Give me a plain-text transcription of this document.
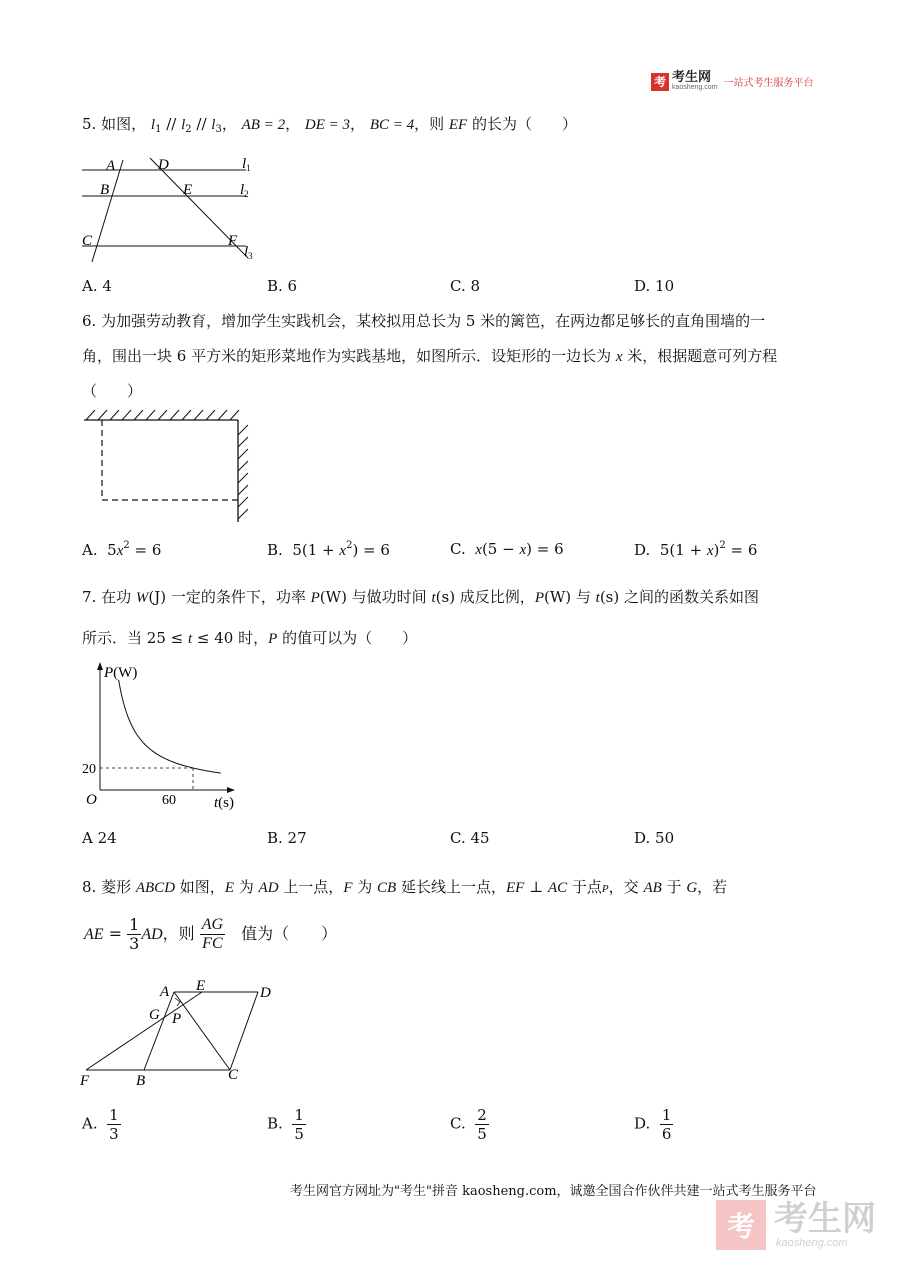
考 考生网
kaosheng.com 一站式考生服务平台
5. 如图， $l_1 // l_2 // l_3$， AB = 2， DE = 3， BC = 4，则 EF 的长为（　　）
A	D
B	E
C	F
$l_1$
$l_2$
$l_3$
A. 4	B. 6	C. 8	D. 10
6. 为加强劳动教育，增加学生实践机会，某校拟用总长为 5 米的篱笆，在两边都足够长的直角围墙的一
角，围出一块 6 平方米的矩形菜地作为实践基地，如图所示．设矩形的一边长为 x 米，根据题意可列方程
（　　）
A. $5x^2 = 6$	B. $5(1 + x^2) = 6$	C. x(5 − x) = 6	D. $5(1 + x)^2 = 6$
7. 在功 W(J) 一定的条件下，功率 P(W) 与做功时间 t(s) 成反比例，P(W) 与 t(s) 之间的函数关系如图
所示．当 25 ≤ t ≤ 40 时，P 的值可以为（　　）
P(W)
t(s)
O
20
60
A 24	B. 27	C. 45	D. 50
8. 菱形 ABCD 如图，E 为 AD 上一点，F 为 CB 延长线上一点，EF ⊥ AC 于点P，交 AB 于 G，若
AE = $\frac{1}{3}$ AD，则 $\frac{AG}{FC}$ 　值为（　　）
A E	D
G P
F	B	C
A. $\frac{1}{3}$	B. $\frac{1}{5}$	C. $\frac{2}{5}$	D. $\frac{1}{6}$
考生网官方网址为"考生"拼音 kaosheng.com，诚邀全国合作伙伴共建一站式考生服务平台
考 考生网
kaosheng.com
